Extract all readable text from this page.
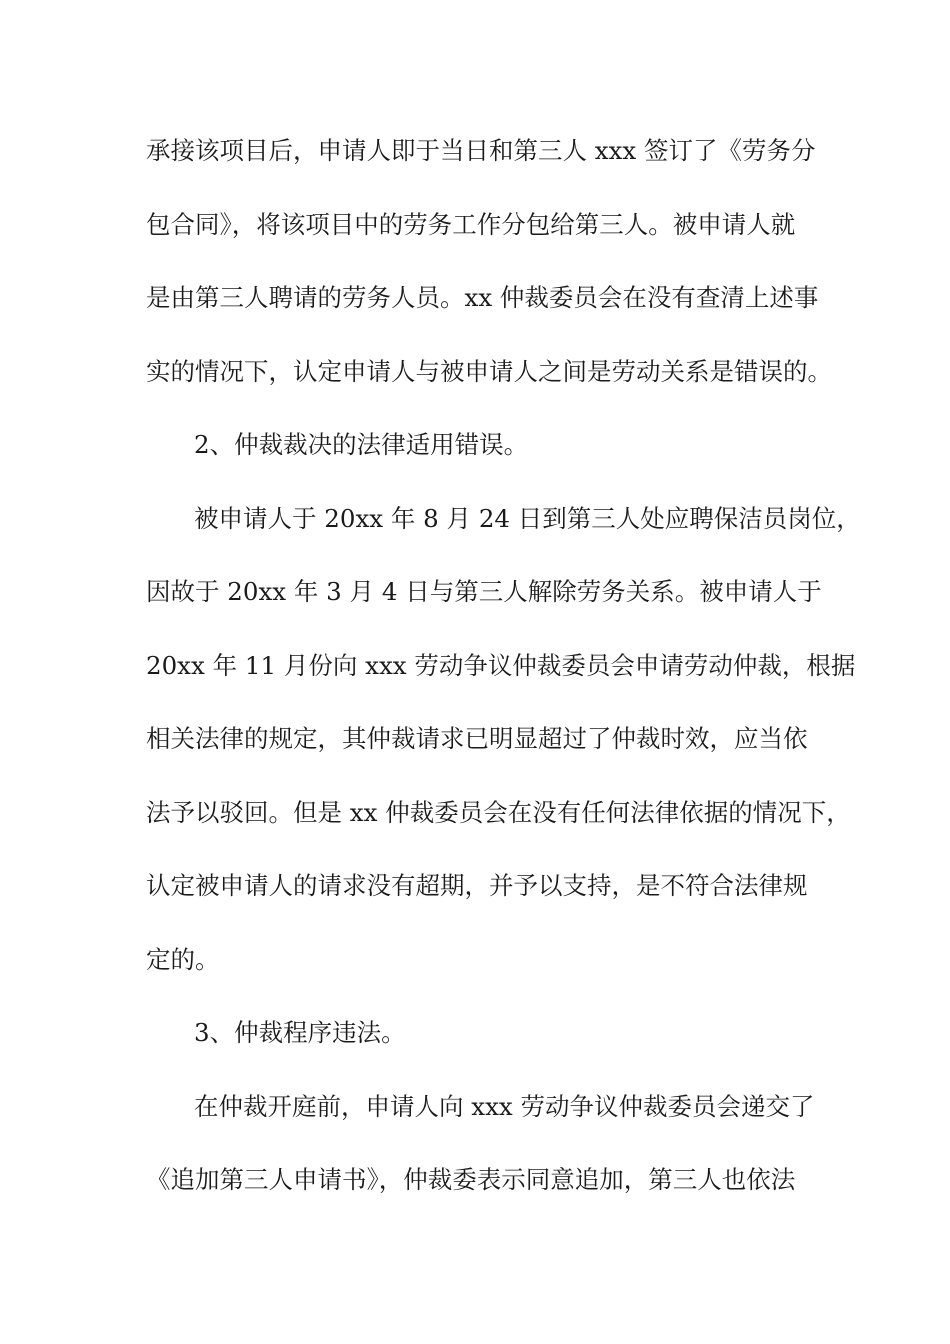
承接该项目后，申请人即于当日和第三人 xxx 签订了《劳务分
包合同》，将该项目中的劳务工作分包给第三人。被申请人就
是由第三人聘请的劳务人员。xx 仲裁委员会在没有查清上述事
实的情况下，认定申请人与被申请人之间是劳动关系是错误的。
2、仲裁裁决的法律适用错误。
被申请人于 20xx 年 8 月 24 日到第三人处应聘保洁员岗位，
因故于 20xx 年 3 月 4 日与第三人解除劳务关系。被申请人于
20xx 年 11 月份向 xxx 劳动争议仲裁委员会申请劳动仲裁，根据
相关法律的规定，其仲裁请求已明显超过了仲裁时效，应当依
法予以驳回。但是 xx 仲裁委员会在没有任何法律依据的情况下，
认定被申请人的请求没有超期，并予以支持，是不符合法律规
定的。
3、仲裁程序违法。
在仲裁开庭前，申请人向 xxx 劳动争议仲裁委员会递交了
《追加第三人申请书》，仲裁委表示同意追加，第三人也依法
